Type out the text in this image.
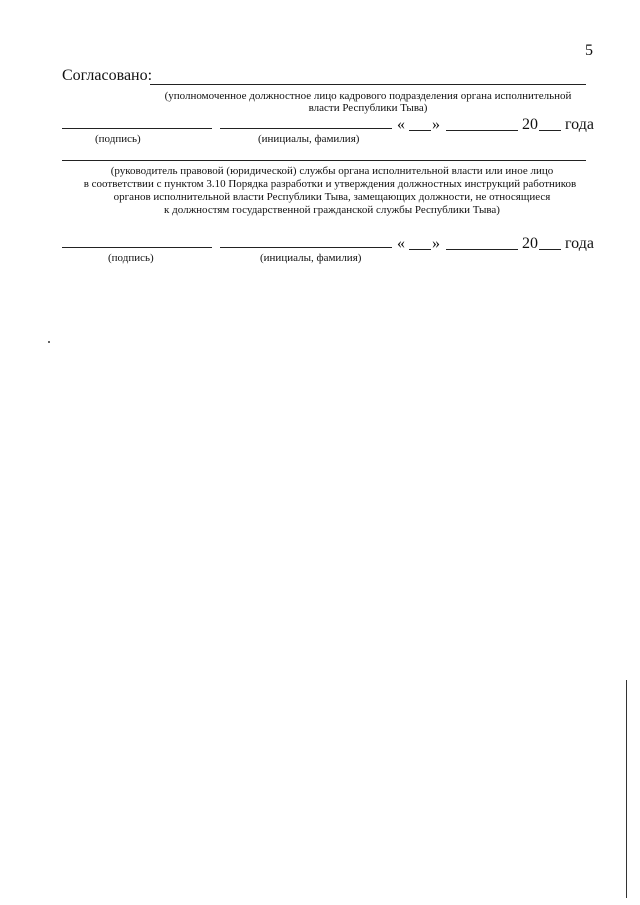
5
Согласовано:
(уполномоченное должностное лицо кадрового подразделения органа исполнительной
власти Республики Тыва)
« »	20 года
(подпись)	(инициалы, фамилия)
(руководитель правовой (юридической) службы органа исполнительной власти или иное лицо
в соответствии с пунктом 3.10 Порядка разработки и утверждения должностных инструкций работников
органов исполнительной власти Республики Тыва, замещающих должности, не относящиеся
к должностям государственной гражданской службы Республики Тыва)
« »	20 года
(подпись)	(инициалы, фамилия)
